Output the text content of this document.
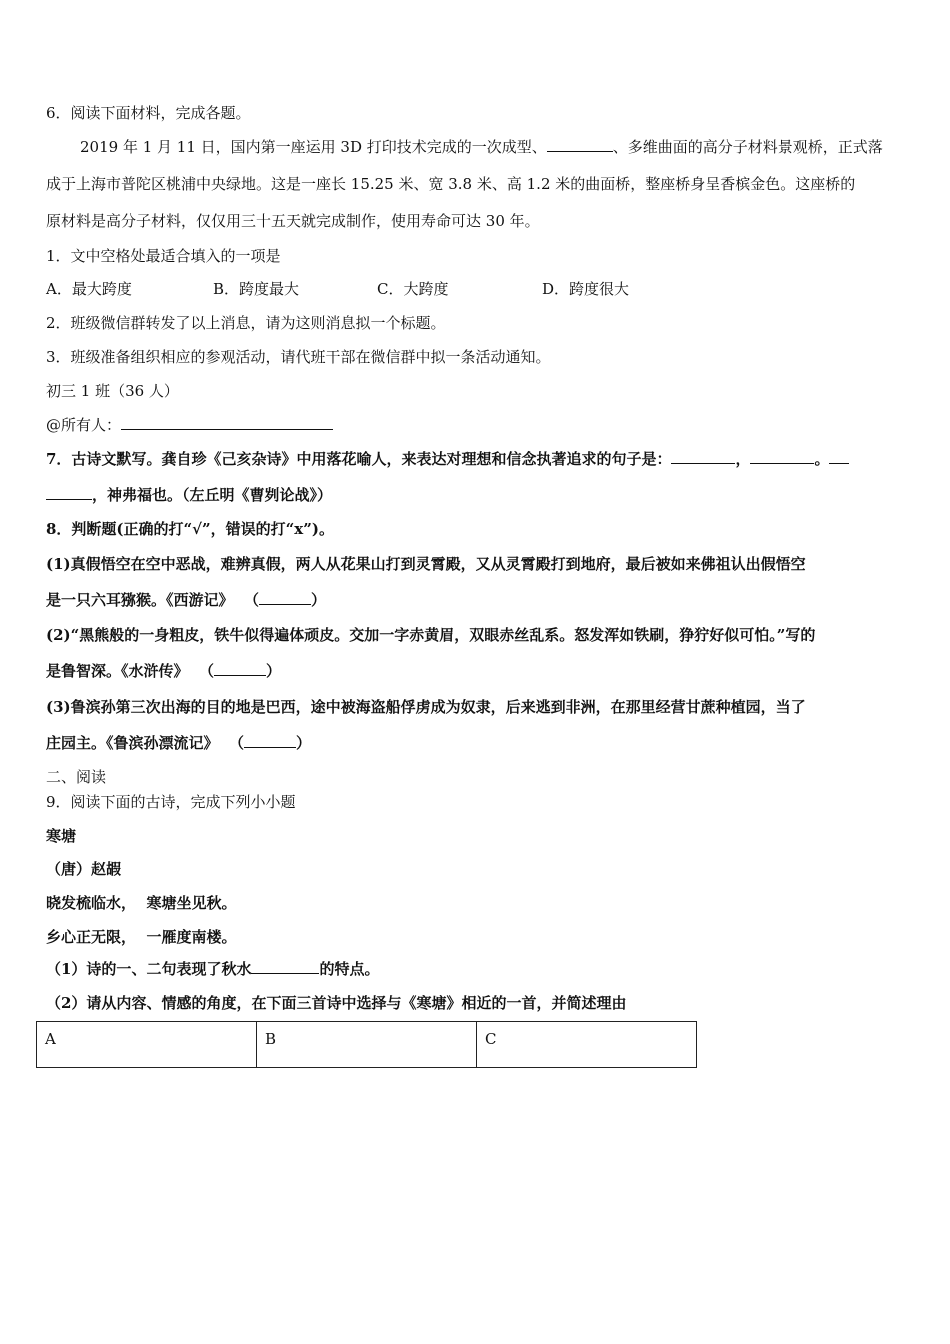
6．阅读下面材料，完成各题。
2019 年 1 月 11 日，国内第一座运用 3D 打印技术完成的一次成型、	、多维曲面的高分子材料景观桥，正式落
成于上海市普陀区桃浦中央绿地。这是一座长 15.25 米、宽 3.8 米、高 1.2 米的曲面桥，整座桥身呈香槟金色。这座桥的
原材料是高分子材料，仅仅用三十五天就完成制作，使用寿命可达 30 年。
1．文中空格处最适合填入的一项是
A．最大跨度	B．跨度最大	C．大跨度	D．跨度很大
2．班级微信群转发了以上消息，请为这则消息拟一个标题。
3．班级准备组织相应的参观活动，请代班干部在微信群中拟一条活动通知。
初三 1 班（36 人）
@所有人：
7．古诗文默写。龚自珍《己亥杂诗》中用落花喻人，来表达对理想和信念执著追求的句子是：	，	。
，神弗福也。（左丘明《曹刿论战》）
8．判断题(正确的打“√”，错误的打“x”)。
(1)真假悟空在空中恶战，难辨真假，两人从花果山打到灵霄殿，又从灵霄殿打到地府，最后被如来佛祖认出假悟空
是一只六耳猕猴。《西游记》 （	）
(2)“黑熊般的一身粗皮，铁牛似得遍体顽皮。交加一字赤黄眉，双眼赤丝乱系。怒发浑如铁刷，狰狞好似可怕。”写的
是鲁智深。《水浒传》 （	）
(3)鲁滨孙第三次出海的目的地是巴西，途中被海盗船俘虏成为奴隶，后来逃到非洲，在那里经营甘蔗种植园，当了
庄园主。《鲁滨孙漂流记》 （	）
二、阅读
9．阅读下面的古诗，完成下列小小题
寒塘
（唐）赵嘏
晓发梳临水，  寒塘坐见秋。
乡心正无限，  一雁度南楼。
（1）诗的一、二句表现了秋水	的特点。
（2）请从内容、情感的角度，在下面三首诗中选择与《寒塘》相近的一首，并简述理由
A	B	C
